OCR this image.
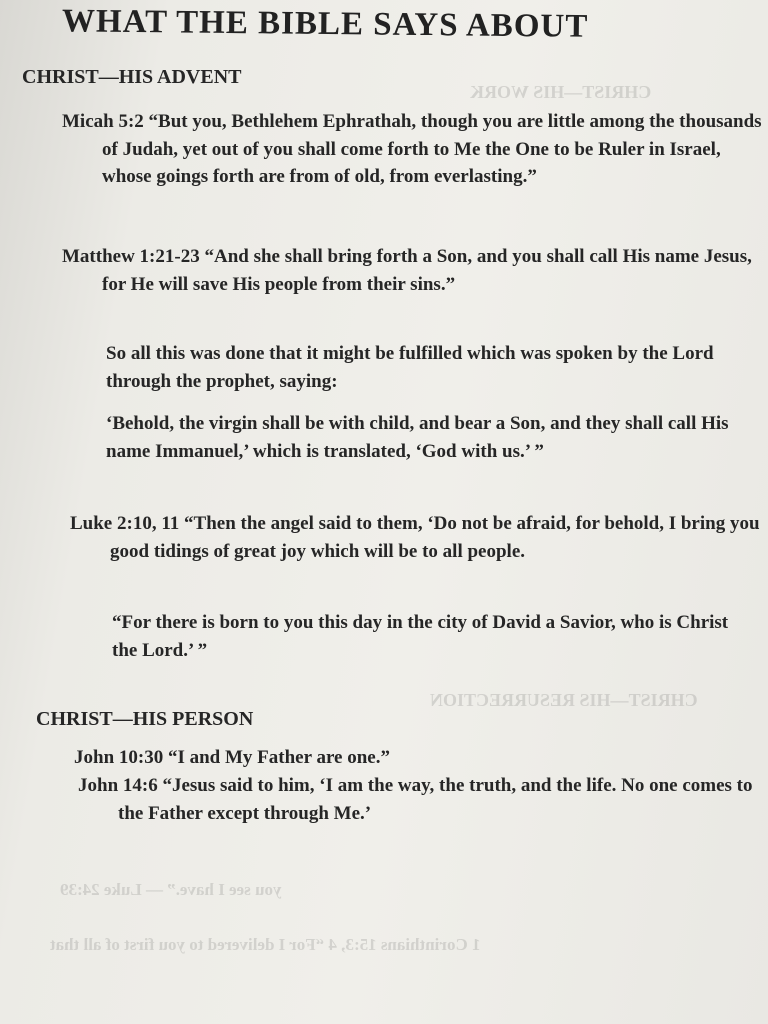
CHRIST—HIS WORK
CHRIST—HIS RESURRECTION
WHAT THE BIBLE SAYS ABOUT
CHRIST—HIS ADVENT
Micah 5:2 “But you, Bethlehem Ephrathah, though you are little among the thousands of Judah, yet out of you shall come forth to Me the One to be Ruler in Israel, whose goings forth are from of old, from everlasting.”
Matthew 1:21-23 “And she shall bring forth a Son, and you shall call His name Jesus, for He will save His people from their sins.”
So all this was done that it might be fulfilled which was spoken by the Lord through the prophet, saying:
‘Behold, the virgin shall be with child, and bear a Son, and they shall call His name Immanuel,’ which is translated, ‘God with us.’ ”
Luke 2:10, 11 “Then the angel said to them, ‘Do not be afraid, for behold, I bring you good tidings of great joy which will be to all people.
“For there is born to you this day in the city of David a Savior, who is Christ the Lord.’ ”
CHRIST—HIS PERSON
John 10:30 “I and My Father are one.”
John 14:6 “Jesus said to him, ‘I am the way, the truth, and the life. No one comes to the Father except through Me.’
you see I have.” — Luke 24:39
1 Corinthians 15:3, 4 “For I delivered to you first of all that
